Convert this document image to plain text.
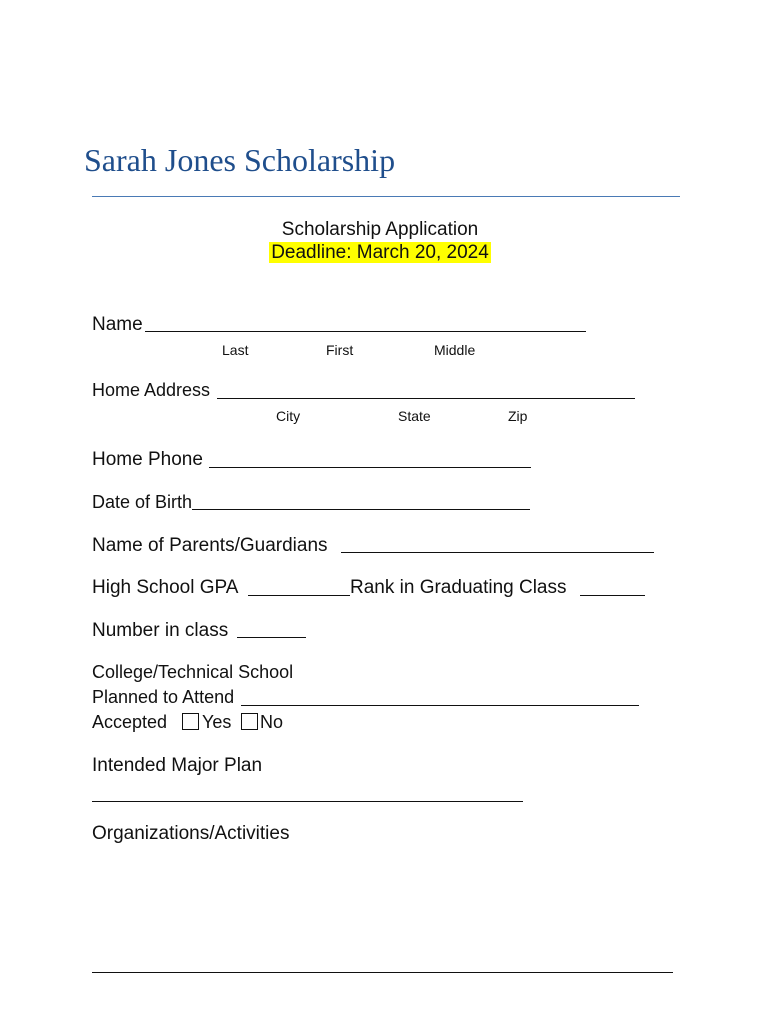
Sarah Jones Scholarship
Scholarship Application
Deadline: March 20, 2024
Name
Last	First	Middle
Home Address
City	State	Zip
Home Phone
Date of Birth
Name of Parents/Guardians
High School GPA	Rank in Graduating Class
Number in class
College/Technical School
Planned to Attend
Accepted Yes No
Intended Major Plan
Organizations/Activities
